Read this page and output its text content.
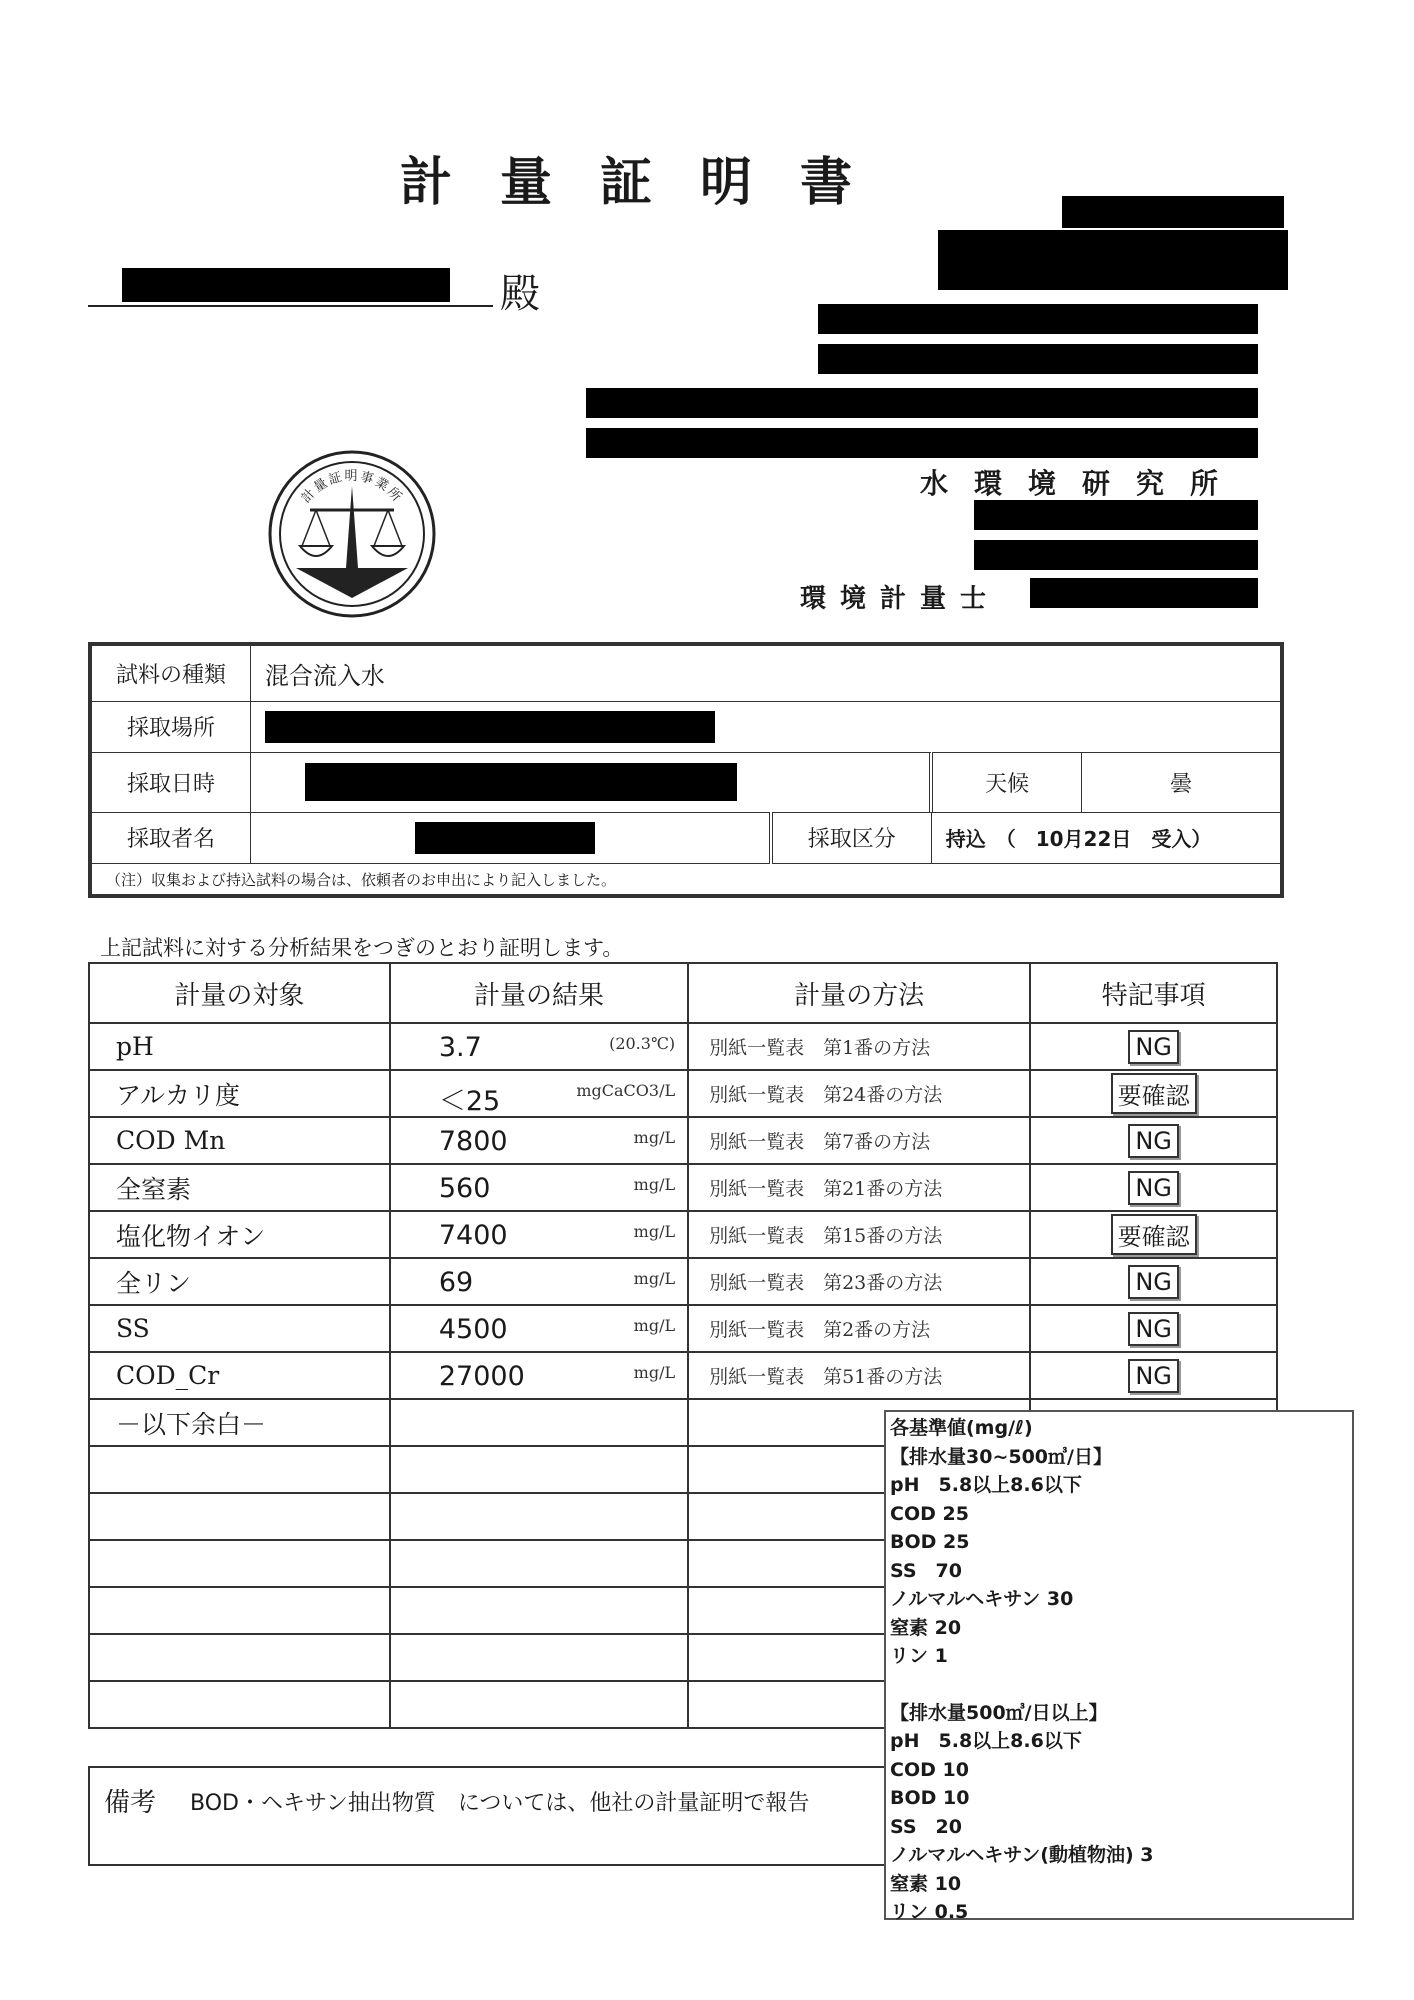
計量証明書
殿
水環境研究所
環境計量士
計量証明事業所
試料の種類	混合流入水			
採取場所				

採取日時			天候	曇
採取者名		採取区分	持込　（　10月22日　受入）	
（注）収集および持込試料の場合は、依頼者のお申出により記入しました。				
上記試料に対する分析結果をつぎのとおり証明します。
計量の対象	計量の結果	計量の方法	特記事項
pH	3.7 (20.3℃)	別紙一覧表　第1番の方法	NG
アルカリ度	＜25 mgCaCO3/L	別紙一覧表　第24番の方法	要確認
COD Mn	7800 mg/L	別紙一覧表　第7番の方法	NG
全窒素	560 mg/L	別紙一覧表　第21番の方法	NG
塩化物イオン	7400 mg/L	別紙一覧表　第15番の方法	要確認
全リン	69 mg/L	別紙一覧表　第23番の方法	NG
SS	4500 mg/L	別紙一覧表　第2番の方法	NG
COD_Cr	27000 mg/L	別紙一覧表　第51番の方法	NG
－以下余白－			

備考 BOD・ヘキサン抽出物質　については、他社の計量証明で報告
各基準値(mg/ℓ)
【排水量30~500㎥/日】
pH　5.8以上8.6以下
COD 25
BOD 25
SS　70
ノルマルヘキサン 30
窒素 20
リン 1
【排水量500㎥/日以上】
pH　5.8以上8.6以下
COD 10
BOD 10
SS　20
ノルマルヘキサン(動植物油) 3
窒素 10
リン 0.5
